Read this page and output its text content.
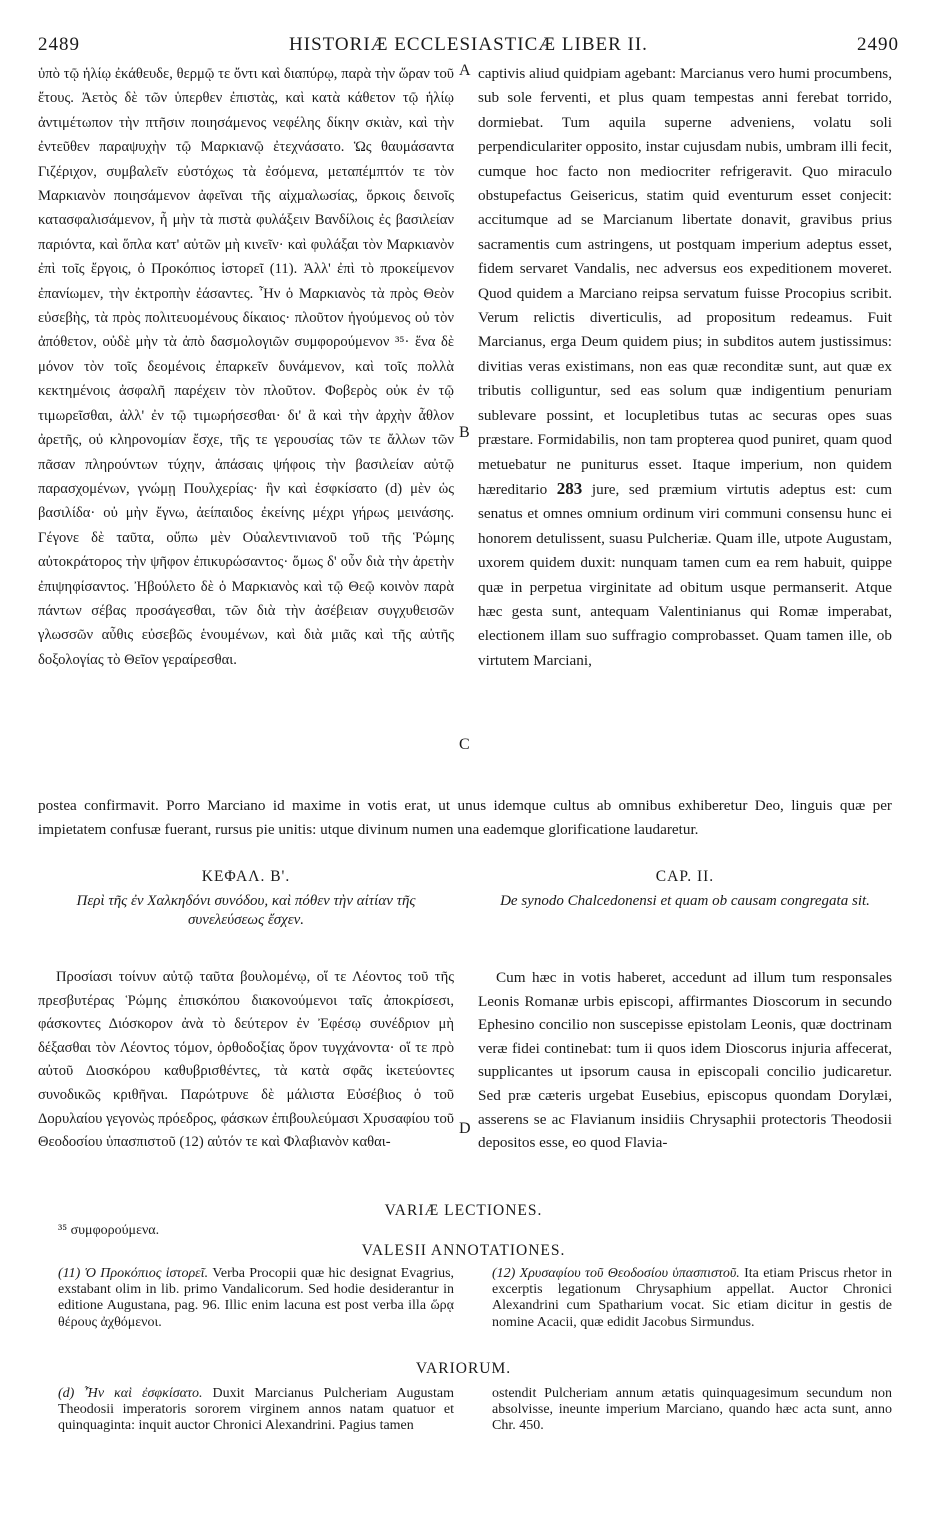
2489	HISTORIÆ ECCLESIASTICÆ LIBER II.	2490

ὑπὸ τῷ ἡλίῳ ἐκάθευδε, θερμῷ τε ὄντι καὶ διαπύρῳ, παρὰ τὴν ὥραν τοῦ ἔτους. Ἀετὸς δὲ τῶν ὑπερθεν ἐπιστὰς, καὶ κατὰ κάθετον τῷ ἡλίῳ ἀντιμέτωπον τὴν πτῆσιν ποιησάμενος νεφέλης δίκην σκιὰν, καὶ τὴν ἐντεῦθεν παραψυχὴν τῷ Μαρκιανῷ ἐτεχνάσατο. Ὡς θαυμάσαντα Γιζέριχον, συμβαλεῖν εὐστόχως τὰ ἐσόμενα, μεταπέμπτόν τε τὸν Μαρκιανὸν ποιησάμενον ἀφεῖναι τῆς αἰχμαλωσίας, ὅρκοις δεινοῖς κατασφαλισάμενον, ἦ μὴν τὰ πιστὰ φυλάξειν Βανδίλοις ἐς βασιλείαν παριόντα, καὶ ὅπλα κατ' αὐτῶν μὴ κινεῖν· καὶ φυλάξαι τὸν Μαρκιανὸν ἐπὶ τοῖς ἔργοις, ὁ Προκόπιος ἱστορεῖ (11). Ἀλλ' ἐπὶ τὸ προκείμενον ἐπανίωμεν, τὴν ἐκτροπὴν ἐάσαντες. Ἦν ὁ Μαρκιανὸς τὰ πρὸς Θεὸν εὐσεβὴς, τὰ πρὸς πολιτευομένους δίκαιος· πλοῦτον ἡγούμενος οὐ τὸν ἀπόθετον, οὐδὲ μὴν τὰ ἀπὸ δασμολογιῶν συμφορούμενον ³⁵· ἕνα δὲ μόνον τὸν τοῖς δεομένοις ἐπαρκεῖν δυνάμενον, καὶ τοῖς πολλὰ κεκτημένοις ἀσφαλῆ παρέχειν τὸν πλοῦτον. Φοβερὸς οὐκ ἐν τῷ τιμωρεῖσθαι, ἀλλ' ἐν τῷ τιμωρήσεσθαι· δι' ἃ καὶ τὴν ἀρχὴν ἆθλον ἀρετῆς, οὐ κληρονομίαν ἔσχε, τῆς τε γερουσίας τῶν τε ἄλλων τῶν πᾶσαν πληρούντων τύχην, ἁπάσαις ψήφοις τὴν βασιλείαν αὐτῷ παρασχομένων, γνώμῃ Πουλχερίας· ἣν καὶ ἐσφκίσατο (d) μὲν ὡς βασιλίδα· οὐ μὴν ἔγνω, ἀείπαιδος ἐκείνης μέχρι γήρως μεινάσης. Γέγονε δὲ ταῦτα, οὔπω μὲν Οὐαλεντινιανοῦ τοῦ τῆς Ῥώμης αὐτοκράτορος τὴν ψῆφον ἐπικυρώσαντος· ὅμως δ' οὖν διὰ τὴν ἀρετὴν ἐπιψηφίσαντος. Ἠβούλετο δὲ ὁ Μαρκιανὸς καὶ τῷ Θεῷ κοινὸν παρὰ πάντων σέβας προσάγεσθαι, τῶν διὰ τὴν ἀσέβειαν συγχυθεισῶν γλωσσῶν αὖθις εὐσεβῶς ἑνουμένων, καὶ διὰ μιᾶς καὶ τῆς αὐτῆς δοξολογίας τὸ Θεῖον γεραίρεσθαι.

A
B
C
D

captivis aliud quidpiam agebant: Marcianus vero humi procumbens, sub sole ferventi, et plus quam tempestas anni ferebat torrido, dormiebat. Tum aquila superne adveniens, volatu soli perpendiculariter opposito, instar cujusdam nubis, umbram illi fecit, cumque hoc facto non mediocriter refrigeravit. Quo miraculo obstupefactus Geisericus, statim quid eventurum esset conjecit: accitumque ad se Marcianum libertate donavit, gravibus prius sacramentis cum astringens, ut postquam imperium adeptus esset, fidem servaret Vandalis, nec adversus eos expeditionem moveret. Quod quidem a Marciano reipsa servatum fuisse Procopius scribit. Verum relictis diverticulis, ad propositum redeamus. Fuit Marcianus, erga Deum quidem pius; in subditos autem justissimus: divitias veras existimans, non eas quæ reconditæ sunt, aut quæ ex tributis colliguntur, sed eas solum quæ indigentium penuriam sublevare possint, et locupletibus tutas ac securas opes suas præstare. Formidabilis, non tam propterea quod puniret, quam quod metuebatur ne puniturus esset. Itaque imperium, non quidem hæreditario 283 jure, sed præmium virtutis adeptus est: cum senatus et omnes omnium ordinum viri communi consensu hunc ei honorem detulissent, suasu Pulcheriæ. Quam ille, utpote Augustam, uxorem quidem duxit: nunquam tamen cum ea rem habuit, quippe quæ in perpetua virginitate ad obitum usque permanserit. Atque hæc gesta sunt, antequam Valentinianus qui Romæ imperabat, electionem illam suo suffragio comprobasset. Quam tamen ille, ob virtutem Marciani,

postea confirmavit. Porro Marciano id maxime in votis erat, ut unus idemque cultus ab omnibus exhiberetur Deo, linguis quæ per impietatem confusæ fuerant, rursus pie unitis: utque divinum numen una eademque glorificatione laudaretur.

ΚΕΦΑΛ. Β'.
Περὶ τῆς ἐν Χαλκηδόνι συνόδου, καὶ πόθεν τὴν αἰτίαν τῆς συνελεύσεως ἔσχεν.
CAP. II.
De synodo Chalcedonensi et quam ob causam congregata sit.

Προσίασι τοίνυν αὐτῷ ταῦτα βουλομένῳ, οἵ τε Λέοντος τοῦ τῆς πρεσβυτέρας Ῥώμης ἐπισκόπου διακονούμενοι ταῖς ἀποκρίσεσι, φάσκοντες Διόσκορον ἀνὰ τὸ δεύτερον ἐν Ἐφέσῳ συνέδριον μὴ δέξασθαι τὸν Λέοντος τόμον, ὀρθοδοξίας ὅρον τυγχάνοντα· οἵ τε πρὸ αὐτοῦ Διοσκόρου καθυβρισθέντες, τὰ κατὰ σφᾶς ἱκετεύοντες συνοδικῶς κριθῆναι. Παρώτρυνε δὲ μάλιστα Εὐσέβιος ὁ τοῦ Δορυλαίου γεγονὼς πρόεδρος, φάσκων ἐπιβουλεύμασι Χρυσαφίου τοῦ Θεοδοσίου ὑπασπιστοῦ (12) αὐτόν τε καὶ Φλαβιανὸν καθαι-

Cum hæc in votis haberet, accedunt ad illum tum responsales Leonis Romanæ urbis episcopi, affirmantes Dioscorum in secundo Ephesino concilio non suscepisse epistolam Leonis, quæ doctrinam veræ fidei continebat: tum ii quos idem Dioscorus injuria affecerat, supplicantes ut ipsorum causa in episcopali concilio judicaretur. Sed præ cæteris urgebat Eusebius, episcopus quondam Dorylæi, asserens se ac Flavianum insidiis Chrysaphii protectoris Theodosii depositos esse, eo quod Flavia-

VARIÆ LECTIONES.

³⁵ συμφορούμενα.

VALESII ANNOTATIONES.

(11) Ὁ Προκόπιος ἱστορεῖ. Verba Procopii quæ hic designat Evagrius, exstabant olim in lib. primo Vandalicorum. Sed hodie desiderantur in editione Augustana, pag. 96. Illic enim lacuna est post verba illa ὥρᾳ θέρους ἀχθόμενοι.

(12) Χρυσαφίου τοῦ Θεοδοσίου ὑπασπιστοῦ. Ita etiam Priscus rhetor in excerptis legationum Chrysaphium appellat. Auctor Chronici Alexandrini cum Spatharium vocat. Sic etiam dicitur in gestis de nomine Acacii, quæ edidit Jacobus Sirmundus.

VARIORUM.

(d) Ἦν καὶ ἐσφκίσατο. Duxit Marcianus Pulcheriam Augustam Theodosii imperatoris sororem virginem annos natam quatuor et quinquaginta: inquit auctor Chronici Alexandrini. Pagius tamen

ostendit Pulcheriam annum ætatis quinquagesimum secundum non absolvisse, ineunte imperium Marciano, quando hæc acta sunt, anno Chr. 450.
